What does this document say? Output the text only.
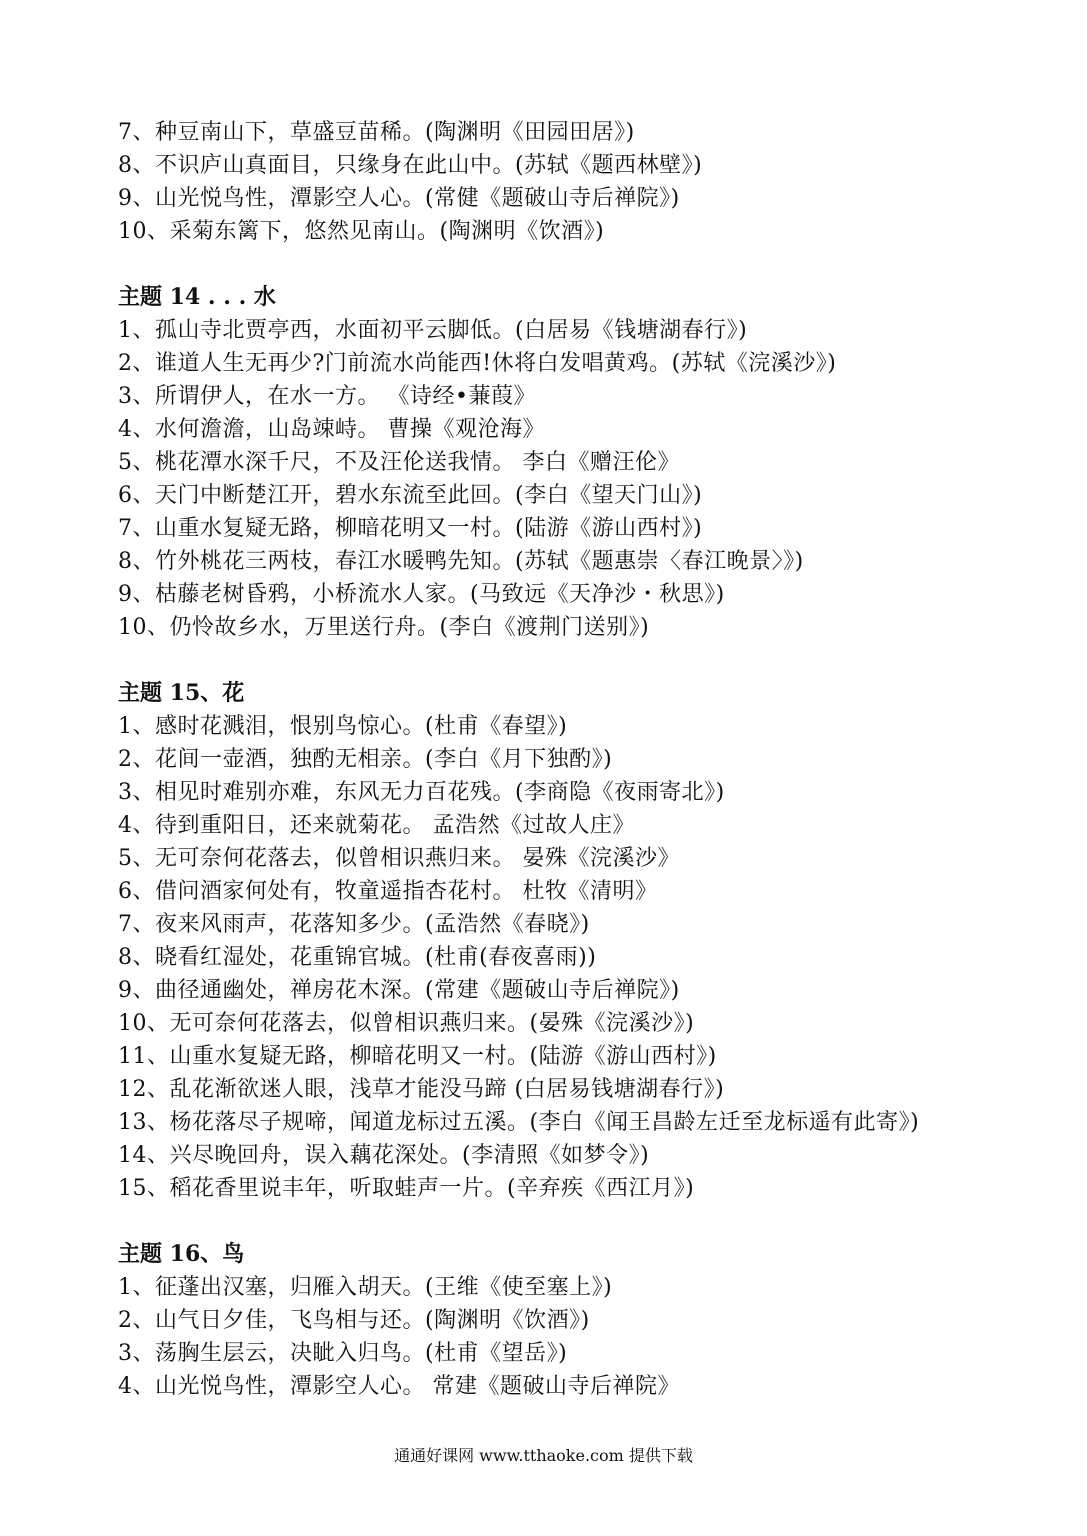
7、种豆南山下，草盛豆苗稀。(陶渊明《田园田居》)
8、不识庐山真面目，只缘身在此山中。(苏轼《题西林壁》)
9、山光悦鸟性，潭影空人心。(常健《题破山寺后禅院》)
10、采菊东篱下，悠然见南山。(陶渊明《饮酒》)
主题 14 . . . 水
1、孤山寺北贾亭西，水面初平云脚低。(白居易《钱塘湖春行》)
2、谁道人生无再少?门前流水尚能西!休将白发唱黄鸡。(苏轼《浣溪沙》)
3、所谓伊人，在水一方。 《诗经•蒹葭》
4、水何澹澹，山岛竦峙。 曹操《观沧海》
5、桃花潭水深千尺，不及汪伦送我情。 李白《赠汪伦》
6、天门中断楚江开，碧水东流至此回。(李白《望天门山》)
7、山重水复疑无路，柳暗花明又一村。(陆游《游山西村》)
8、竹外桃花三两枝，春江水暖鸭先知。(苏轼《题惠崇〈春江晚景〉》)
9、枯藤老树昏鸦，小桥流水人家。(马致远《天净沙・秋思》)
10、仍怜故乡水，万里送行舟。(李白《渡荆门送别》)
主题 15、花
1、感时花溅泪，恨别鸟惊心。(杜甫《春望》)
2、花间一壶酒，独酌无相亲。(李白《月下独酌》)
3、相见时难别亦难，东风无力百花残。(李商隐《夜雨寄北》)
4、待到重阳日，还来就菊花。 孟浩然《过故人庄》
5、无可奈何花落去，似曾相识燕归来。 晏殊《浣溪沙》
6、借问酒家何处有，牧童遥指杏花村。 杜牧《清明》
7、夜来风雨声，花落知多少。(孟浩然《春晓》)
8、晓看红湿处，花重锦官城。(杜甫(春夜喜雨))
9、曲径通幽处，禅房花木深。(常建《题破山寺后禅院》)
10、无可奈何花落去，似曾相识燕归来。(晏殊《浣溪沙》)
11、山重水复疑无路，柳暗花明又一村。(陆游《游山西村》)
12、乱花渐欲迷人眼，浅草才能没马蹄 (白居易钱塘湖春行》)
13、杨花落尽子规啼，闻道龙标过五溪。(李白《闻王昌龄左迁至龙标遥有此寄》)
14、兴尽晚回舟，误入藕花深处。(李清照《如梦令》)
15、稻花香里说丰年，听取蛙声一片。(辛弃疾《西江月》)
主题 16、鸟
1、征蓬出汉塞，归雁入胡天。(王维《使至塞上》)
2、山气日夕佳，飞鸟相与还。(陶渊明《饮酒》)
3、荡胸生层云，决眦入归鸟。(杜甫《望岳》)
4、山光悦鸟性，潭影空人心。 常建《题破山寺后禅院》
通通好课网 www.tthaoke.com 提供下载
